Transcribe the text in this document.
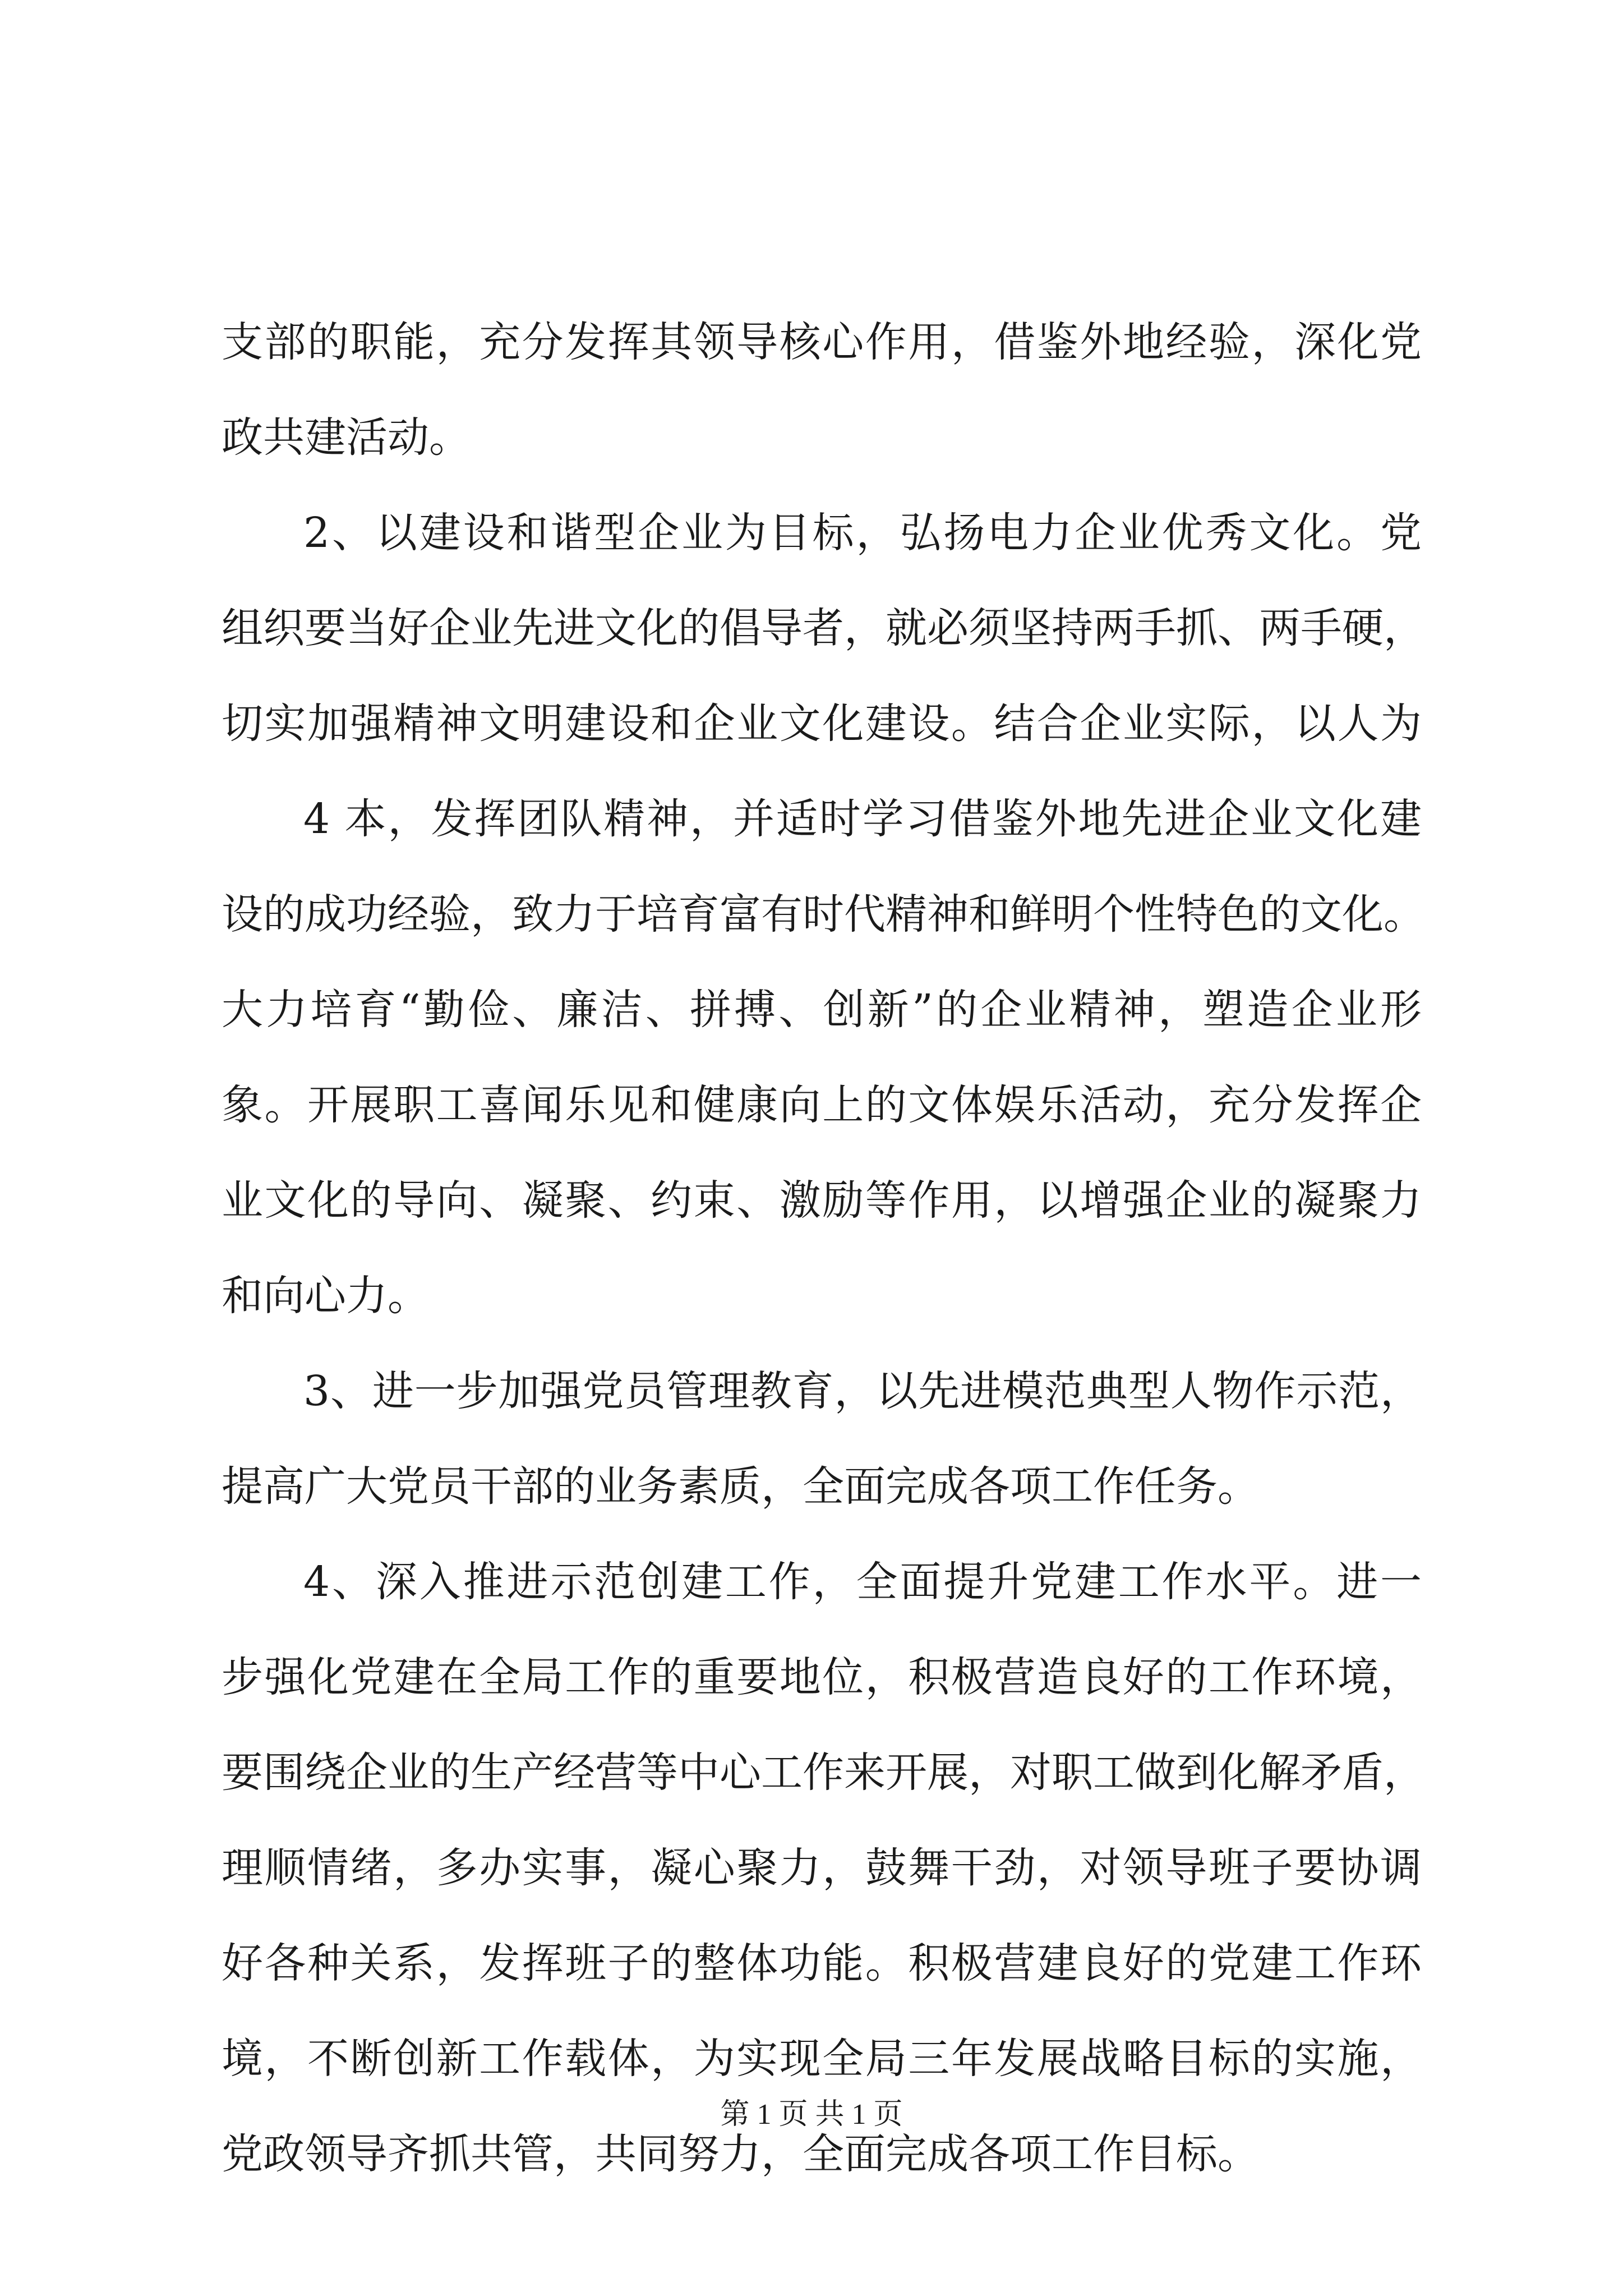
支部的职能，充分发挥其领导核心作用，借鉴外地经验，深化党
政共建活动。
2、以建设和谐型企业为目标，弘扬电力企业优秀文化。党
组织要当好企业先进文化的倡导者，就必须坚持两手抓、两手硬，
切实加强精神文明建设和企业文化建设。结合企业实际，以人为
4 本，发挥团队精神，并适时学习借鉴外地先进企业文化建
设的成功经验，致力于培育富有时代精神和鲜明个性特色的文化。
大力培育“勤俭、廉洁、拼搏、创新”的企业精神，塑造企业形
象。开展职工喜闻乐见和健康向上的文体娱乐活动，充分发挥企
业文化的导向、凝聚、约束、激励等作用，以增强企业的凝聚力
和向心力。
3、进一步加强党员管理教育，以先进模范典型人物作示范，
提高广大党员干部的业务素质，全面完成各项工作任务。
4、深入推进示范创建工作，全面提升党建工作水平。进一
步强化党建在全局工作的重要地位，积极营造良好的工作环境，
要围绕企业的生产经营等中心工作来开展，对职工做到化解矛盾，
理顺情绪，多办实事，凝心聚力，鼓舞干劲，对领导班子要协调
好各种关系，发挥班子的整体功能。积极营建良好的党建工作环
境，不断创新工作载体，为实现全局三年发展战略目标的实施，
党政领导齐抓共管，共同努力，全面完成各项工作目标。
第 1 页 共 1 页
